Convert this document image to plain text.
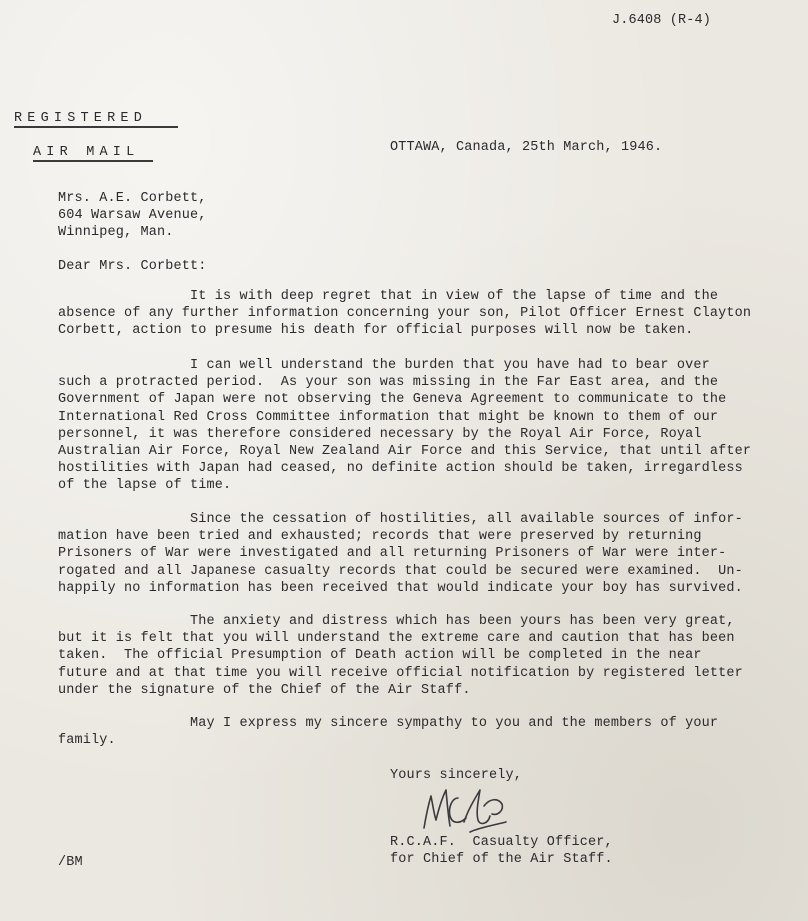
J.6408 (R-4)
REGISTERED
AIR MAIL	OTTAWA, Canada, 25th March, 1946.
Mrs. A.E. Corbett,
604 Warsaw Avenue,
Winnipeg, Man.
Dear Mrs. Corbett:
It is with deep regret that in view of the lapse of time and the
absence of any further information concerning your son, Pilot Officer Ernest Clayton
Corbett, action to presume his death for official purposes will now be taken.
I can well understand the burden that you have had to bear over
such a protracted period.  As your son was missing in the Far East area, and the
Government of Japan were not observing the Geneva Agreement to communicate to the
International Red Cross Committee information that might be known to them of our
personnel, it was therefore considered necessary by the Royal Air Force, Royal
Australian Air Force, Royal New Zealand Air Force and this Service, that until after
hostilities with Japan had ceased, no definite action should be taken, irregardless
of the lapse of time.
Since the cessation of hostilities, all available sources of infor-
mation have been tried and exhausted; records that were preserved by returning
Prisoners of War were investigated and all returning Prisoners of War were inter-
rogated and all Japanese casualty records that could be secured were examined.  Un-
happily no information has been received that would indicate your boy has survived.
The anxiety and distress which has been yours has been very great,
but it is felt that you will understand the extreme care and caution that has been
taken.  The official Presumption of Death action will be completed in the near
future and at that time you will receive official notification by registered letter
under the signature of the Chief of the Air Staff.
May I express my sincere sympathy to you and the members of your
family.
Yours sincerely,
R.C.A.F.  Casualty Officer,
for Chief of the Air Staff.
/BM
